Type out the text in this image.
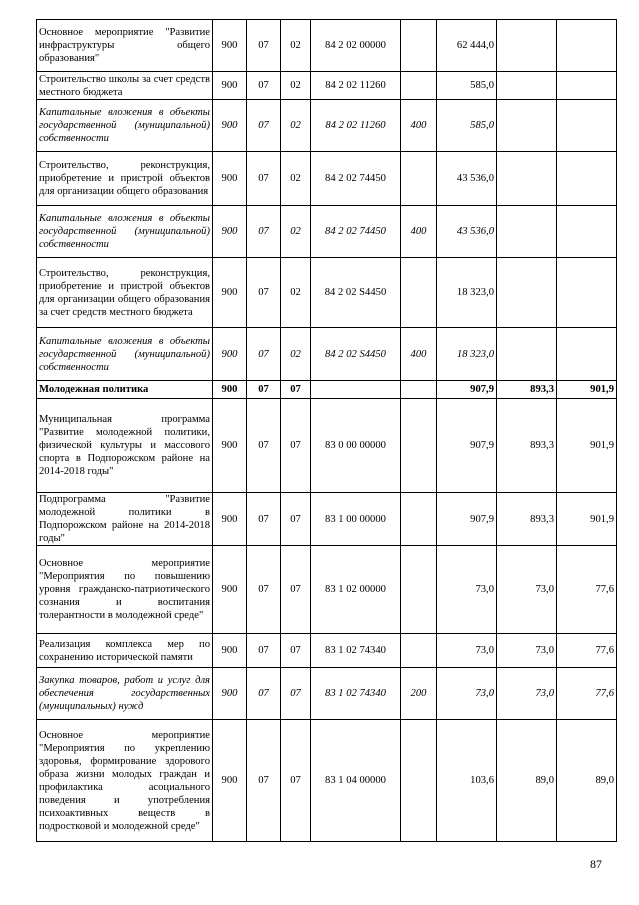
Основное мероприятие "Развитие инфраструктуры общего образования"	900	07	02	84 2 02 00000		62 444,0		
Строительство школы за счет средств местного бюджета	900	07	02	84 2 02 11260		585,0		
Капитальные вложения в объекты государственной (муниципальной) собственности	900	07	02	84 2 02 11260	400	585,0		
Строительство, реконструкция, приобретение и пристрой объектов для организации общего образования	900	07	02	84 2 02 74450		43 536,0		
Капитальные вложения в объекты государственной (муниципальной) собственности	900	07	02	84 2 02 74450	400	43 536,0		
Строительство, реконструкция, приобретение и пристрой объектов для организации общего образования за счет средств местного бюджета	900	07	02	84 2 02 S4450		18 323,0		
Капитальные вложения в объекты государственной (муниципальной) собственности	900	07	02	84 2 02 S4450	400	18 323,0		
Молодежная политика	900	07	07			907,9	893,3	901,9
Муниципальная программа "Развитие молодежной политики, физической культуры и массового спорта в Подпорожском районе на 2014-2018 годы"	900	07	07	83 0 00 00000		907,9	893,3	901,9
Подпрограмма "Развитие молодежной политики в Подпорожском районе на 2014-2018 годы"	900	07	07	83 1 00 00000		907,9	893,3	901,9
Основное мероприятие "Мероприятия по повышению уровня гражданско-патриотического сознания и воспитания толерантности в молодежной среде"	900	07	07	83 1 02 00000		73,0	73,0	77,6
Реализация комплекса мер по сохранению исторической памяти	900	07	07	83 1 02 74340		73,0	73,0	77,6
Закупка товаров, работ и услуг для обеспечения государственных (муниципальных) нужд	900	07	07	83 1 02 74340	200	73,0	73,0	77,6
Основное мероприятие "Мероприятия по укреплению здоровья, формирование здорового образа жизни молодых граждан и профилактика асоциального поведения и употребления психоактивных веществ в подростковой и молодежной среде"	900	07	07	83 1 04 00000		103,6	89,0	89,0
87
